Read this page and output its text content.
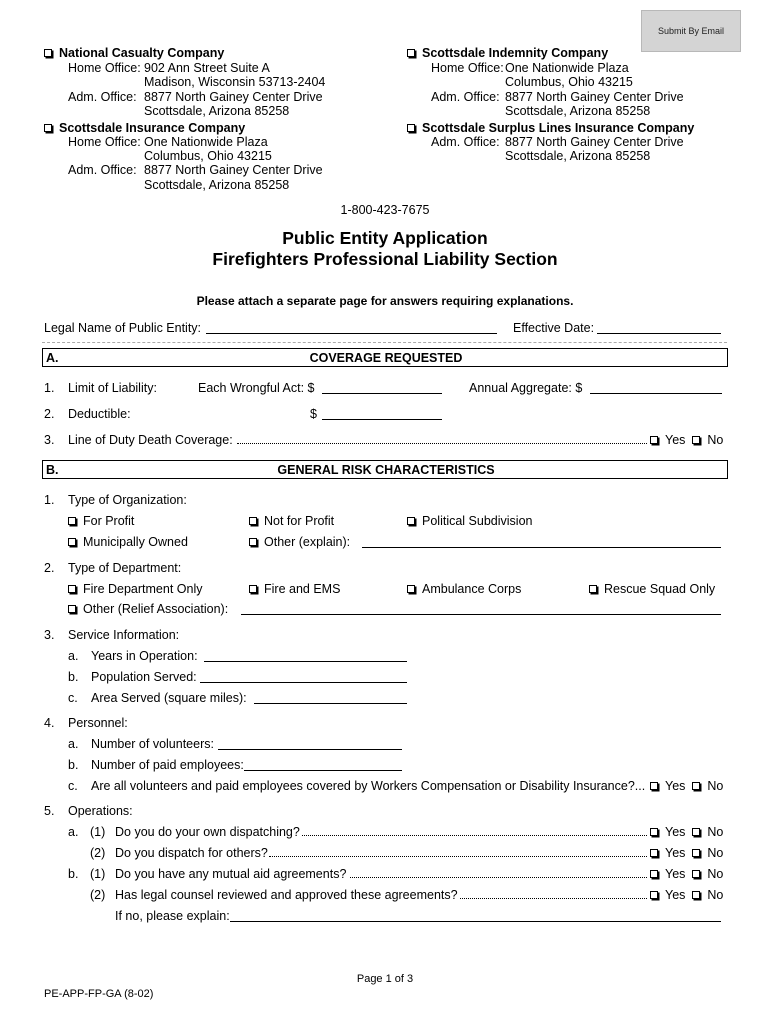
Submit By Email
National Casualty Company
Home Office: 902 Ann Street Suite A
Madison, Wisconsin 53713-2404
Adm. Office: 8877 North Gainey Center Drive
Scottsdale, Arizona 85258
Scottsdale Insurance Company
Home Office: One Nationwide Plaza
Columbus, Ohio 43215
Adm. Office: 8877 North Gainey Center Drive
Scottsdale, Arizona 85258
Scottsdale Indemnity Company
Home Office: One Nationwide Plaza
Columbus, Ohio 43215
Adm. Office: 8877 North Gainey Center Drive
Scottsdale, Arizona 85258
Scottsdale Surplus Lines Insurance Company
Adm. Office: 8877 North Gainey Center Drive
Scottsdale, Arizona 85258
1-800-423-7675
Public Entity Application
Firefighters Professional Liability Section
Please attach a separate page for answers requiring explanations.
Legal Name of Public Entity:	Effective Date:
A.	COVERAGE REQUESTED
1. Limit of Liability:	Each Wrongful Act: $	Annual Aggregate: $
2. Deductible:	$
3. Line of Duty Death Coverage:	Yes No
B.	GENERAL RISK CHARACTERISTICS
1. Type of Organization:
For Profit	Not for Profit	Political Subdivision
Municipally Owned	Other (explain):
2. Type of Department:
Fire Department Only	Fire and EMS	Ambulance Corps	Rescue Squad Only
Other (Relief Association):
3. Service Information:
a. Years in Operation:
b. Population Served:
c. Area Served (square miles):
4. Personnel:
a. Number of volunteers:
b. Number of paid employees:
c. Are all volunteers and paid employees covered by Workers Compensation or Disability Insurance?...	Yes No
5. Operations:
a. (1) Do you do your own dispatching?	Yes No
(2) Do you dispatch for others?	Yes No
b. (1) Do you have any mutual aid agreements?	Yes No
(2) Has legal counsel reviewed and approved these agreements?	Yes No
If no, please explain:
Page 1 of 3
PE-APP-FP-GA (8-02)
